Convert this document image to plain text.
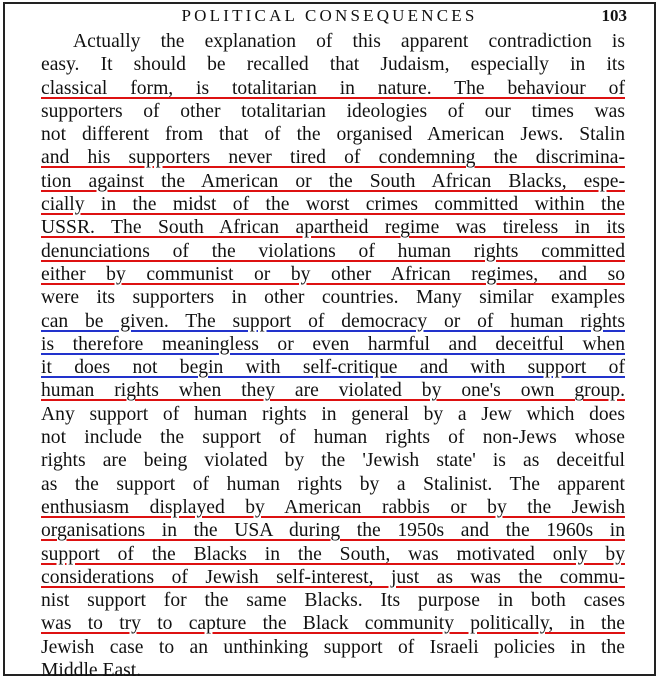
POLITICAL CONSEQUENCES	103
Actually the explanation of this apparent contradiction is
easy. It should be recalled that Judaism, especially in its
classical form, is totalitarian in nature. The behaviour of
supporters of other totalitarian ideologies of our times was
not different from that of the organised American Jews. Stalin
and his supporters never tired of condemning the discrimina-
tion against the American or the South African Blacks, espe-
cially in the midst of the worst crimes committed within the
USSR. The South African apartheid regime was tireless in its
denunciations of the violations of human rights committed
either by communist or by other African regimes, and so
were its supporters in other countries. Many similar examples
can be given. The support of democracy or of human rights
is therefore meaningless or even harmful and deceitful when
it does not begin with self-critique and with support of
human rights when they are violated by one's own group.
Any support of human rights in general by a Jew which does
not include the support of human rights of non-Jews whose
rights are being violated by the 'Jewish state' is as deceitful
as the support of human rights by a Stalinist. The apparent
enthusiasm displayed by American rabbis or by the Jewish
organisations in the USA during the 1950s and the 1960s in
support of the Blacks in the South, was motivated only by
considerations of Jewish self-interest, just as was the commu-
nist support for the same Blacks. Its purpose in both cases
was to try to capture the Black community politically, in the
Jewish case to an unthinking support of Israeli policies in the
Middle East.
